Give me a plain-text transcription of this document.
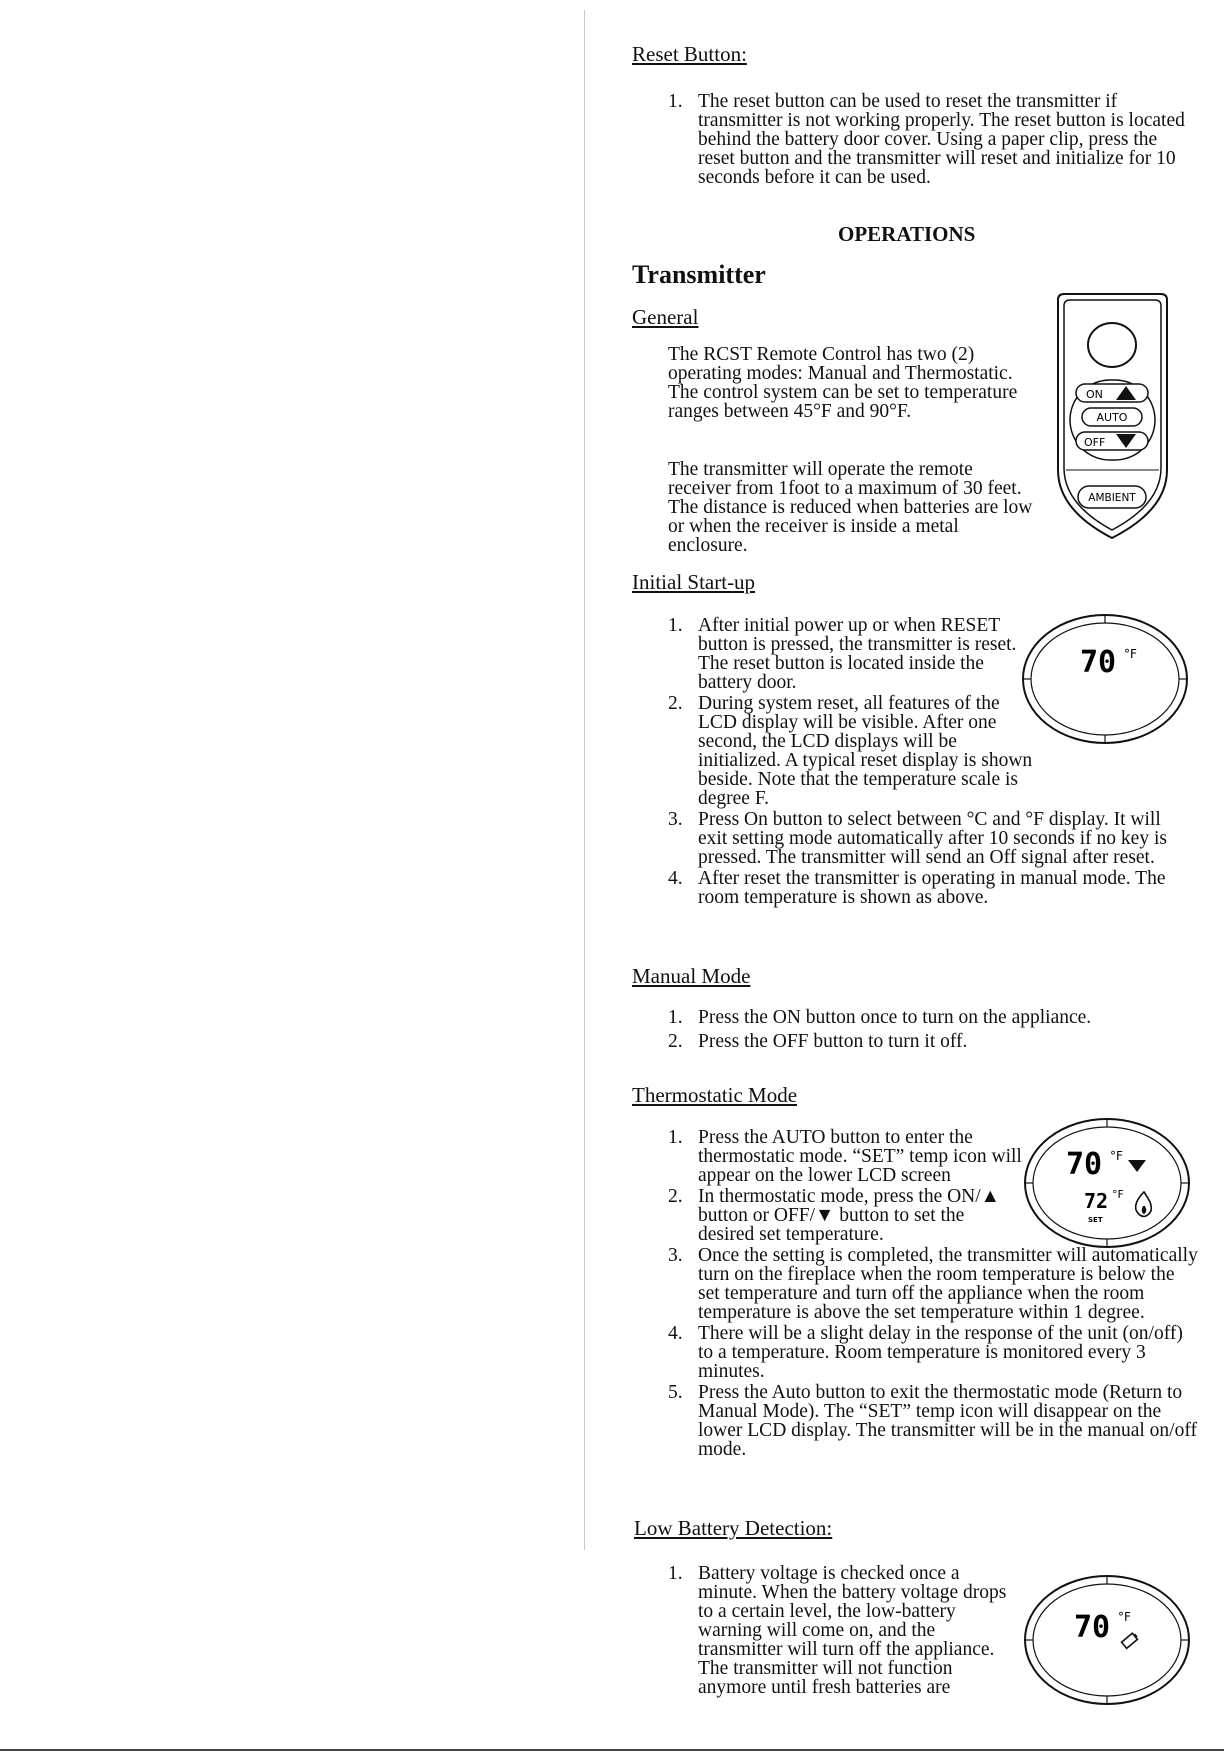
Reset Button:
1. The reset button can be used to reset the transmitter if transmitter is not working properly. The reset button is located behind the battery door cover. Using a paper clip, press the reset button and the transmitter will reset and initialize for 10 seconds before it can be used.
OPERATIONS
Transmitter
General
The RCST Remote Control has two (2) operating modes: Manual and Thermostatic. The control system can be set to temperature ranges between 45°F and 90°F.
The transmitter will operate the remote receiver from 1foot to a maximum of 30 feet. The distance is reduced when batteries are low or when the receiver is inside a metal enclosure.
ON
AUTO
OFF
AMBIENT
Initial Start-up
1. After initial power up or when RESET button is pressed, the transmitter is reset. The reset button is located inside the battery door.
2. During system reset, all features of the LCD display will be visible. After one second, the LCD displays will be initialized. A typical reset display is shown beside. Note that the temperature scale is degree F.
3. Press On button to select between °C and °F display. It will exit setting mode automatically after 10 seconds if no key is pressed. The transmitter will send an Off signal after reset.
4. After reset the transmitter is operating in manual mode. The room temperature is shown as above.
70 °F
Manual Mode
1. Press the ON button once to turn on the appliance.
2. Press the OFF button to turn it off.
Thermostatic Mode
1. Press the AUTO button to enter the thermostatic mode. “SET” temp icon will appear on the lower LCD screen
2. In thermostatic mode, press the ON/▲ button or OFF/▼ button to set the desired set temperature.
3. Once the setting is completed, the transmitter will automatically turn on the fireplace when the room temperature is below the set temperature and turn off the appliance when the room temperature is above the set temperature within 1 degree.
4. There will be a slight delay in the response of the unit (on/off) to a temperature. Room temperature is monitored every 3 minutes.
5. Press the Auto button to exit the thermostatic mode (Return to Manual Mode). The “SET” temp icon will disappear on the lower LCD display. The transmitter will be in the manual on/off mode.
70 °F
72 °F
SET
Low Battery Detection:
1. Battery voltage is checked once a minute. When the battery voltage drops to a certain level, the low-battery warning will come on, and the transmitter will turn off the appliance. The transmitter will not function anymore until fresh batteries are
70 °F
